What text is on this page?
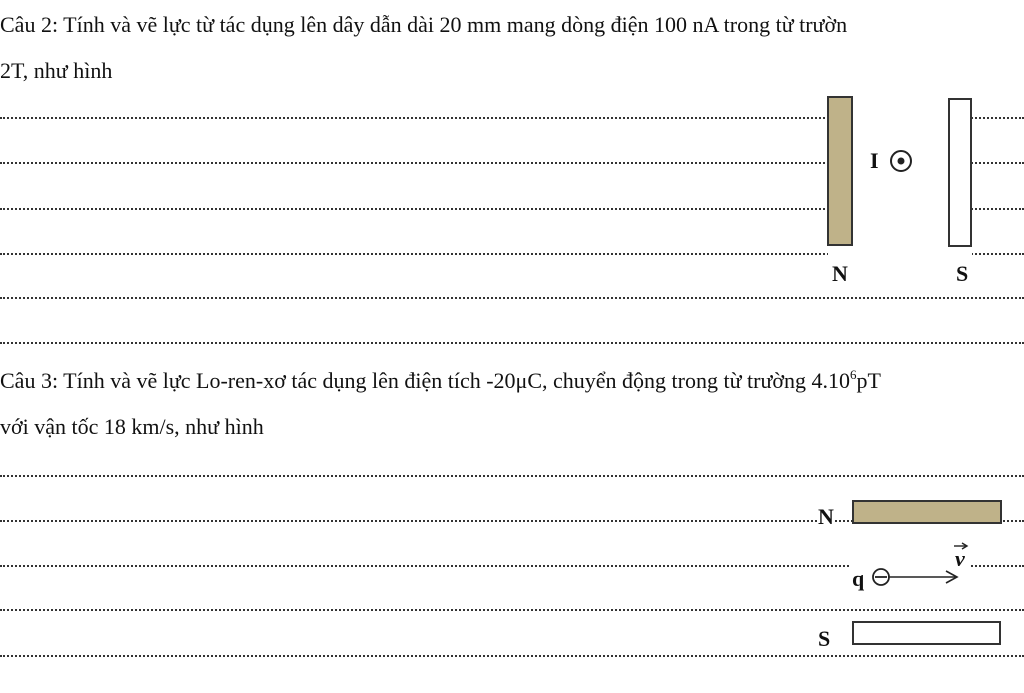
Câu 2: Tính và vẽ lực từ tác dụng lên dây dẫn dài 20 mm mang dòng điện 100 nA trong từ trườn
2T, như hình
I
N	S
Câu 3: Tính và vẽ lực Lo-ren-xơ tác dụng lên điện tích -20μC, chuyển động trong từ trường 4.10$^6$pT
với vận tốc 18 km/s, như hình
N
q
v
S
